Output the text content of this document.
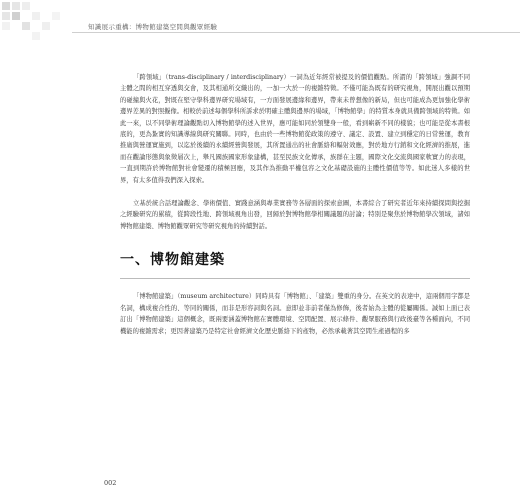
知識展示重構：博物館建築空間與觀眾經驗

「跨領域」（trans-disciplinary / interdisciplinary）一詞為近年經常被提及的價值觀點。所謂的「跨領域」強調不同主體之間的相互穿透與交會，及其相通所交織出的，一加一大於一的複雜特徵。不僅可能為既有的研究視角，開展出觀以預期的碰撞與火花，對既在堅守學科邊界研究場域有，一方面發展邊緣和邊界，帶來未曾想像的新局，但也可能成為更加強化學術邊界差異的對照擬像。相較於前述每個學科所訴求於明確主體與邊界的場域，「博物館學」的特質本身就具備跨領域的特徵。如此一來，以不同學術理論觀點切入博物館學的述入世界，應可能如同於領雙身一般，看到嶄新不同的樣貌；也可能是從本書根底的，更為紮實的知識導線與研究關聯。同時，也由於一些博物館從政策的遵守、議定、設置、建立到穩定的日常營運，教育推廣與營運實施到，以迄於後續的永續經營與發展，其所置通出的社會脈絡和輻射效應，對於地方行銷和文化經濟的推展，進而在觀論形態與象徵層次上，舉凡國族國家形象建構，甚至民族文化傳承，族群在主題，國際文化交流與國家軟實力的表現，一直到期許於博物館對社會變遷的積極回應，及其作為推動平權包容之文化基礎設施的主體性價值等等。如此迷人多樣的世界，有太多值得我們深入探索。

立基於統合話理論觀念、學術價值、實踐意涵與專業實務等各層面的探索意圖，本書綜合了研究者近年來持續探問與挖掘之經驗研究的累積，從跨段性地、跨領域視角出發，回歸於對博物館學相關議題的討論；特別是聚焦於博物館學次領域，諸如博物館建築、博物館觀眾研究等研究視角的持續對話。

一、博物館建築

「博物館建築」（museum architecture）同時具有「博物館」、「建築」雙重的身分。在英文的表達中，這兩個用字都是名詞，構成複合性的、等同的關係，而非是形容詞與名詞。意即並非前者僅為修飾，後者始為主體的從屬關係。誠如上面已表訂出「博物館建築」這個概念，既兩要涵蓋博物館在實體環境、空間配置、展示條件、觀眾服務與行政後臺等各種面向，不同機能的複雜需求；更因著建築乃是特定社會經濟文化歷史脈絡下的產物，必然承載著其空間生產過程的多

002
